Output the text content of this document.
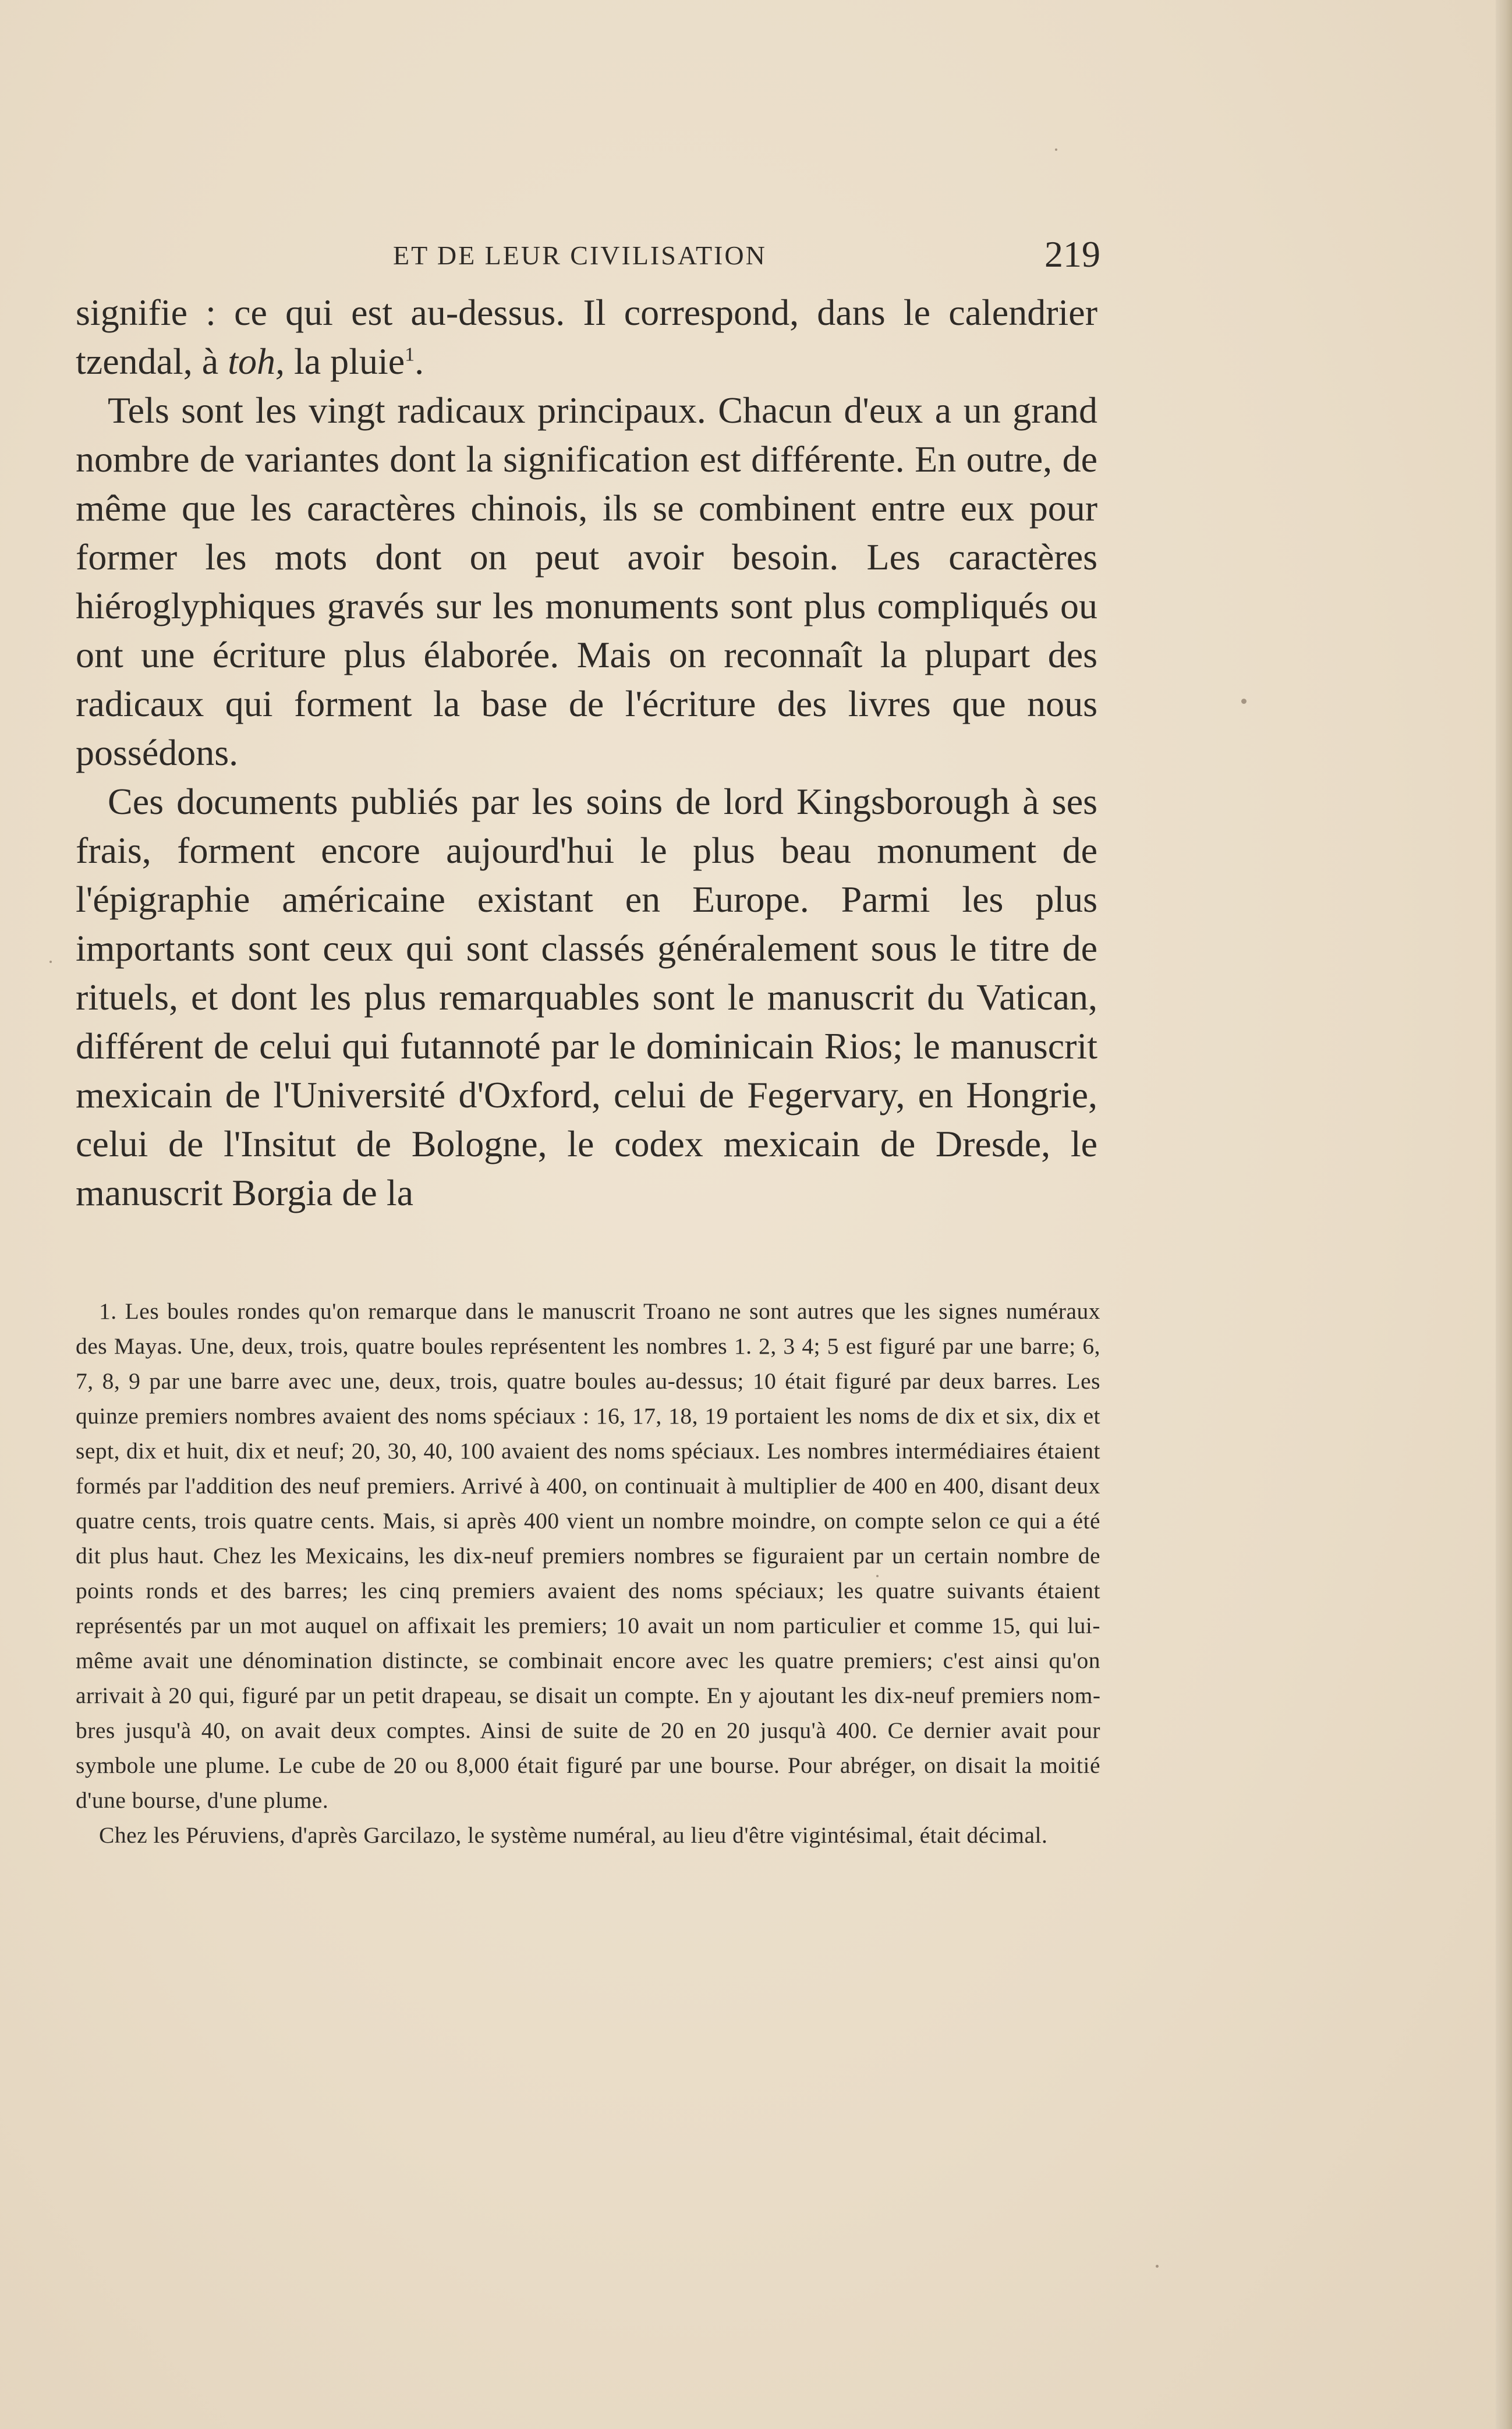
ET DE LEUR CIVILISATION	219

signifie : ce qui est au-dessus. Il correspond, dans le calendrier tzendal, à toh, la pluie$^1$.

Tels sont les vingt radicaux principaux. Chacun d'eux a un grand nombre de variantes dont la signification est différente. En outre, de même que les caractères chinois, ils se combinent entre eux pour former les mots dont on peut avoir besoin. Les caractères hiéroglyphiques gravés sur les monuments sont plus compliqués ou ont une écriture plus élaborée. Mais on reconnaît la plupart des radicaux qui forment la base de l'écriture des livres que nous possédons.

Ces documents publiés par les soins de lord Kingsborough à ses frais, forment encore aujourd'hui le plus beau monument de l'épigraphie américaine existant en Europe. Parmi les plus importants sont ceux qui sont classés généralement sous le titre de rituels, et dont les plus remarquables sont le manuscrit du Vatican, différent de celui qui futannoté par le dominicain Rios; le manuscrit mexicain de l'Université d'Oxford, celui de Fegervary, en Hongrie, celui de l'Insitut de Bologne, le codex mexicain de Dresde, le manuscrit Borgia de la

1. Les boules rondes qu'on remarque dans le manuscrit Troano ne sont autres que les signes numéraux des Mayas. Une, deux, trois, quatre boules représentent les nombres 1. 2, 3 4; 5 est figuré par une barre; 6, 7, 8, 9 par une barre avec une, deux, trois, quatre boules au-dessus; 10 était figuré par deux barres. Les quinze premiers nombres avaient des noms spéciaux : 16, 17, 18, 19 portaient les noms de dix et six, dix et sept, dix et huit, dix et neuf; 20, 30, 40, 100 avaient des noms spéciaux. Les nombres intermédiaires étaient formés par l'addition des neuf premiers. Arrivé à 400, on continuait à multiplier de 400 en 400, disant deux quatre cents, trois quatre cents. Mais, si après 400 vient un nombre moindre, on compte selon ce qui a été dit plus haut. Chez les Mexicains, les dix-neuf premiers nombres se figuraient par un certain nombre de points ronds et des barres; les cinq premiers avaient des noms spéciaux; les quatre suivants étaient représentés par un mot auquel on affixait les premiers; 10 avait un nom particulier et comme 15, qui lui-même avait une dénomination distincte, se combinait encore avec les quatre premiers; c'est ainsi qu'on arrivait à 20 qui, figuré par un petit drapeau, se disait un compte. En y ajoutant les dix-neuf premiers nombres jusqu'à 40, on avait deux comptes. Ainsi de suite de 20 en 20 jusqu'à 400. Ce dernier avait pour symbole une plume. Le cube de 20 ou 8,000 était figuré par une bourse. Pour abréger, on disait la moitié d'une bourse, d'une plume.

Chez les Péruviens, d'après Garcilazo, le système numéral, au lieu d'être vigintésimal, était décimal.
